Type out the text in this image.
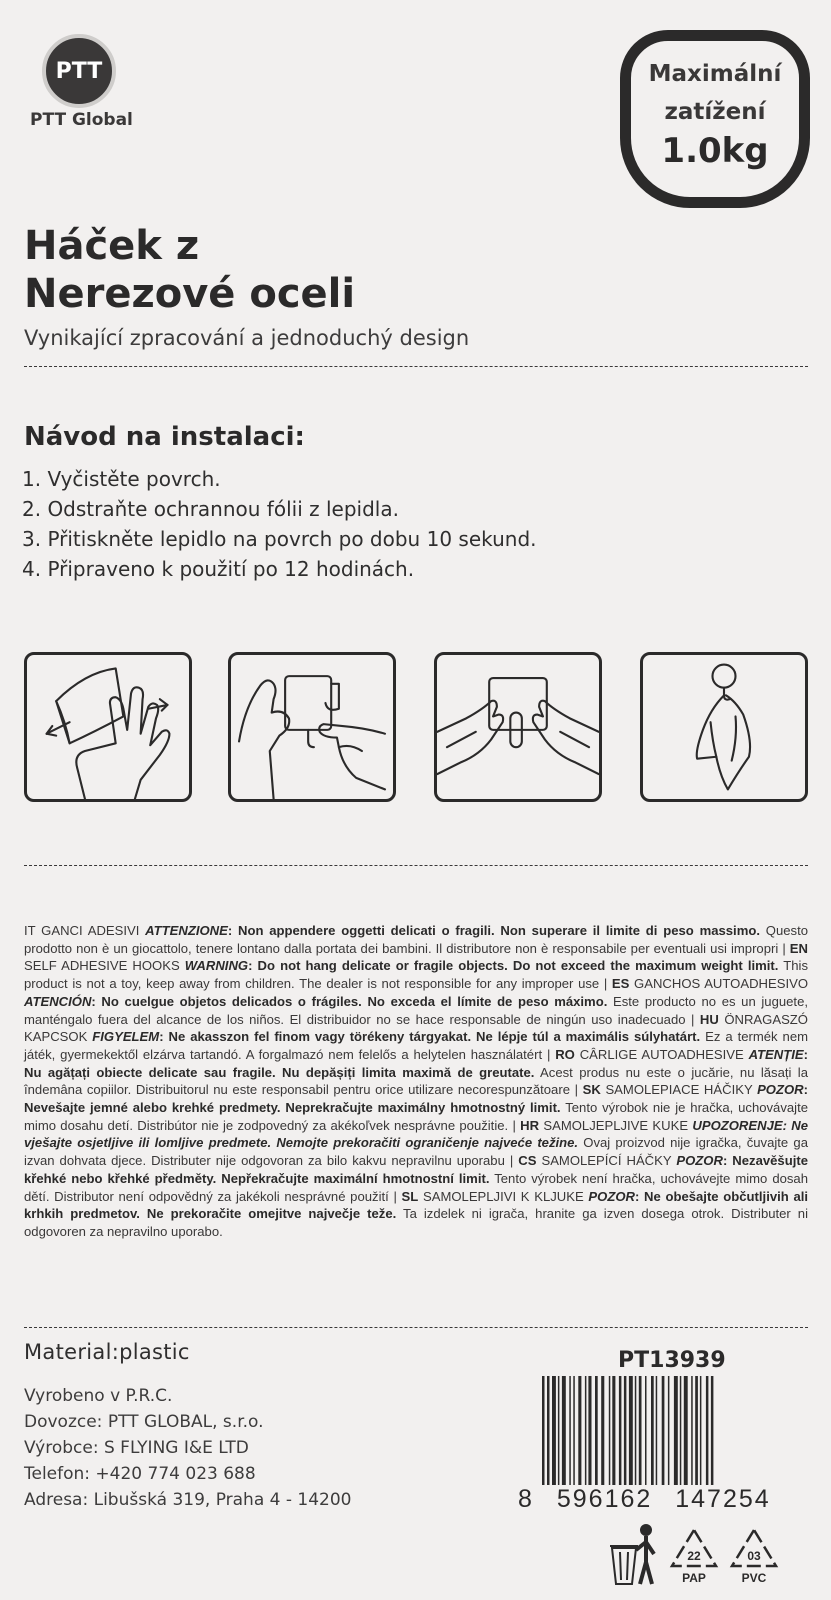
PTT
PTT Global
Maximální
zatížení
1.0kg
Háček z
Nerezové oceli
Vynikající zpracování a jednoduchý design
Návod na instalaci:
1. Vyčistěte povrch.
2. Odstraňte ochrannou fólii z lepidla.
3. Přitiskněte lepidlo na povrch po dobu 10 sekund.
4. Připraveno k použití po 12 hodinách.
IT GANCI ADESIVI ATTENZIONE: Non appendere oggetti delicati o fragili. Non superare il limite di peso massimo. Questo prodotto non è un giocattolo, tenere lontano dalla portata dei bambini. Il distributore non è responsabile per eventuali usi impropri | EN SELF ADHESIVE HOOKS WARNING: Do not hang delicate or fragile objects. Do not exceed the maximum weight limit. This product is not a toy, keep away from children. The dealer is not responsible for any improper use | ES GANCHOS AUTOADHESIVO ATENCIÓN: No cuelgue objetos delicados o frágiles. No exceda el límite de peso máximo. Este producto no es un juguete, manténgalo fuera del alcance de los niños. El distribuidor no se hace responsable de ningún uso inadecuado | HU ÖNRAGASZÓ KAPCSOK FIGYELEM: Ne akasszon fel finom vagy törékeny tárgyakat. Ne lépje túl a maximális súlyhatárt. Ez a termék nem játék, gyermekektől elzárva tartandó. A forgalmazó nem felelős a helytelen használatért | RO CÂRLIGE AUTOADHESIVE ATENȚIE: Nu agățați obiecte delicate sau fragile. Nu depășiți limita maximă de greutate. Acest produs nu este o jucărie, nu lăsați la îndemâna copiilor. Distribuitorul nu este responsabil pentru orice utilizare necorespunzătoare | SK SAMOLEPIACE HÁČIKY POZOR: Nevešajte jemné alebo krehké predmety. Neprekračujte maximálny hmotnostný limit. Tento výrobok nie je hračka, uchovávajte mimo dosahu detí. Distribútor nie je zodpovedný za akékoľvek nesprávne použitie. | HR SAMOLJEPLJIVE KUKE UPOZORENJE: Ne vješajte osjetljive ili lomljive predmete. Nemojte prekoračiti ograničenje najveće težine. Ovaj proizvod nije igračka, čuvajte ga izvan dohvata djece. Distributer nije odgovoran za bilo kakvu nepravilnu uporabu | CS SAMOLEPÍCÍ HÁČKY POZOR: Nezavěšujte křehké nebo křehké předměty. Nepřekračujte maximální hmotnostní limit. Tento výrobek není hračka, uchovávejte mimo dosah dětí. Distributor není odpovědný za jakékoli nesprávné použití | SL SAMOLEPLJIVI K KLJUKE POZOR: Ne obešajte občutljivih ali krhkih predmetov. Ne prekoračite omejitve največje teže. Ta izdelek ni igrača, hranite ga izven dosega otrok. Distributer ni odgovoren za nepravilno uporabo.
Material:plastic
Vyrobeno v P.R.C.
Dovozce: PTT GLOBAL, s.r.o.
Výrobce: S FLYING I&E LTD
Telefon: +420 774 023 688
Adresa: Libušská 319, Praha 4 - 14200
PT13939
8 596162 147254
22
PAP
03
PVC
